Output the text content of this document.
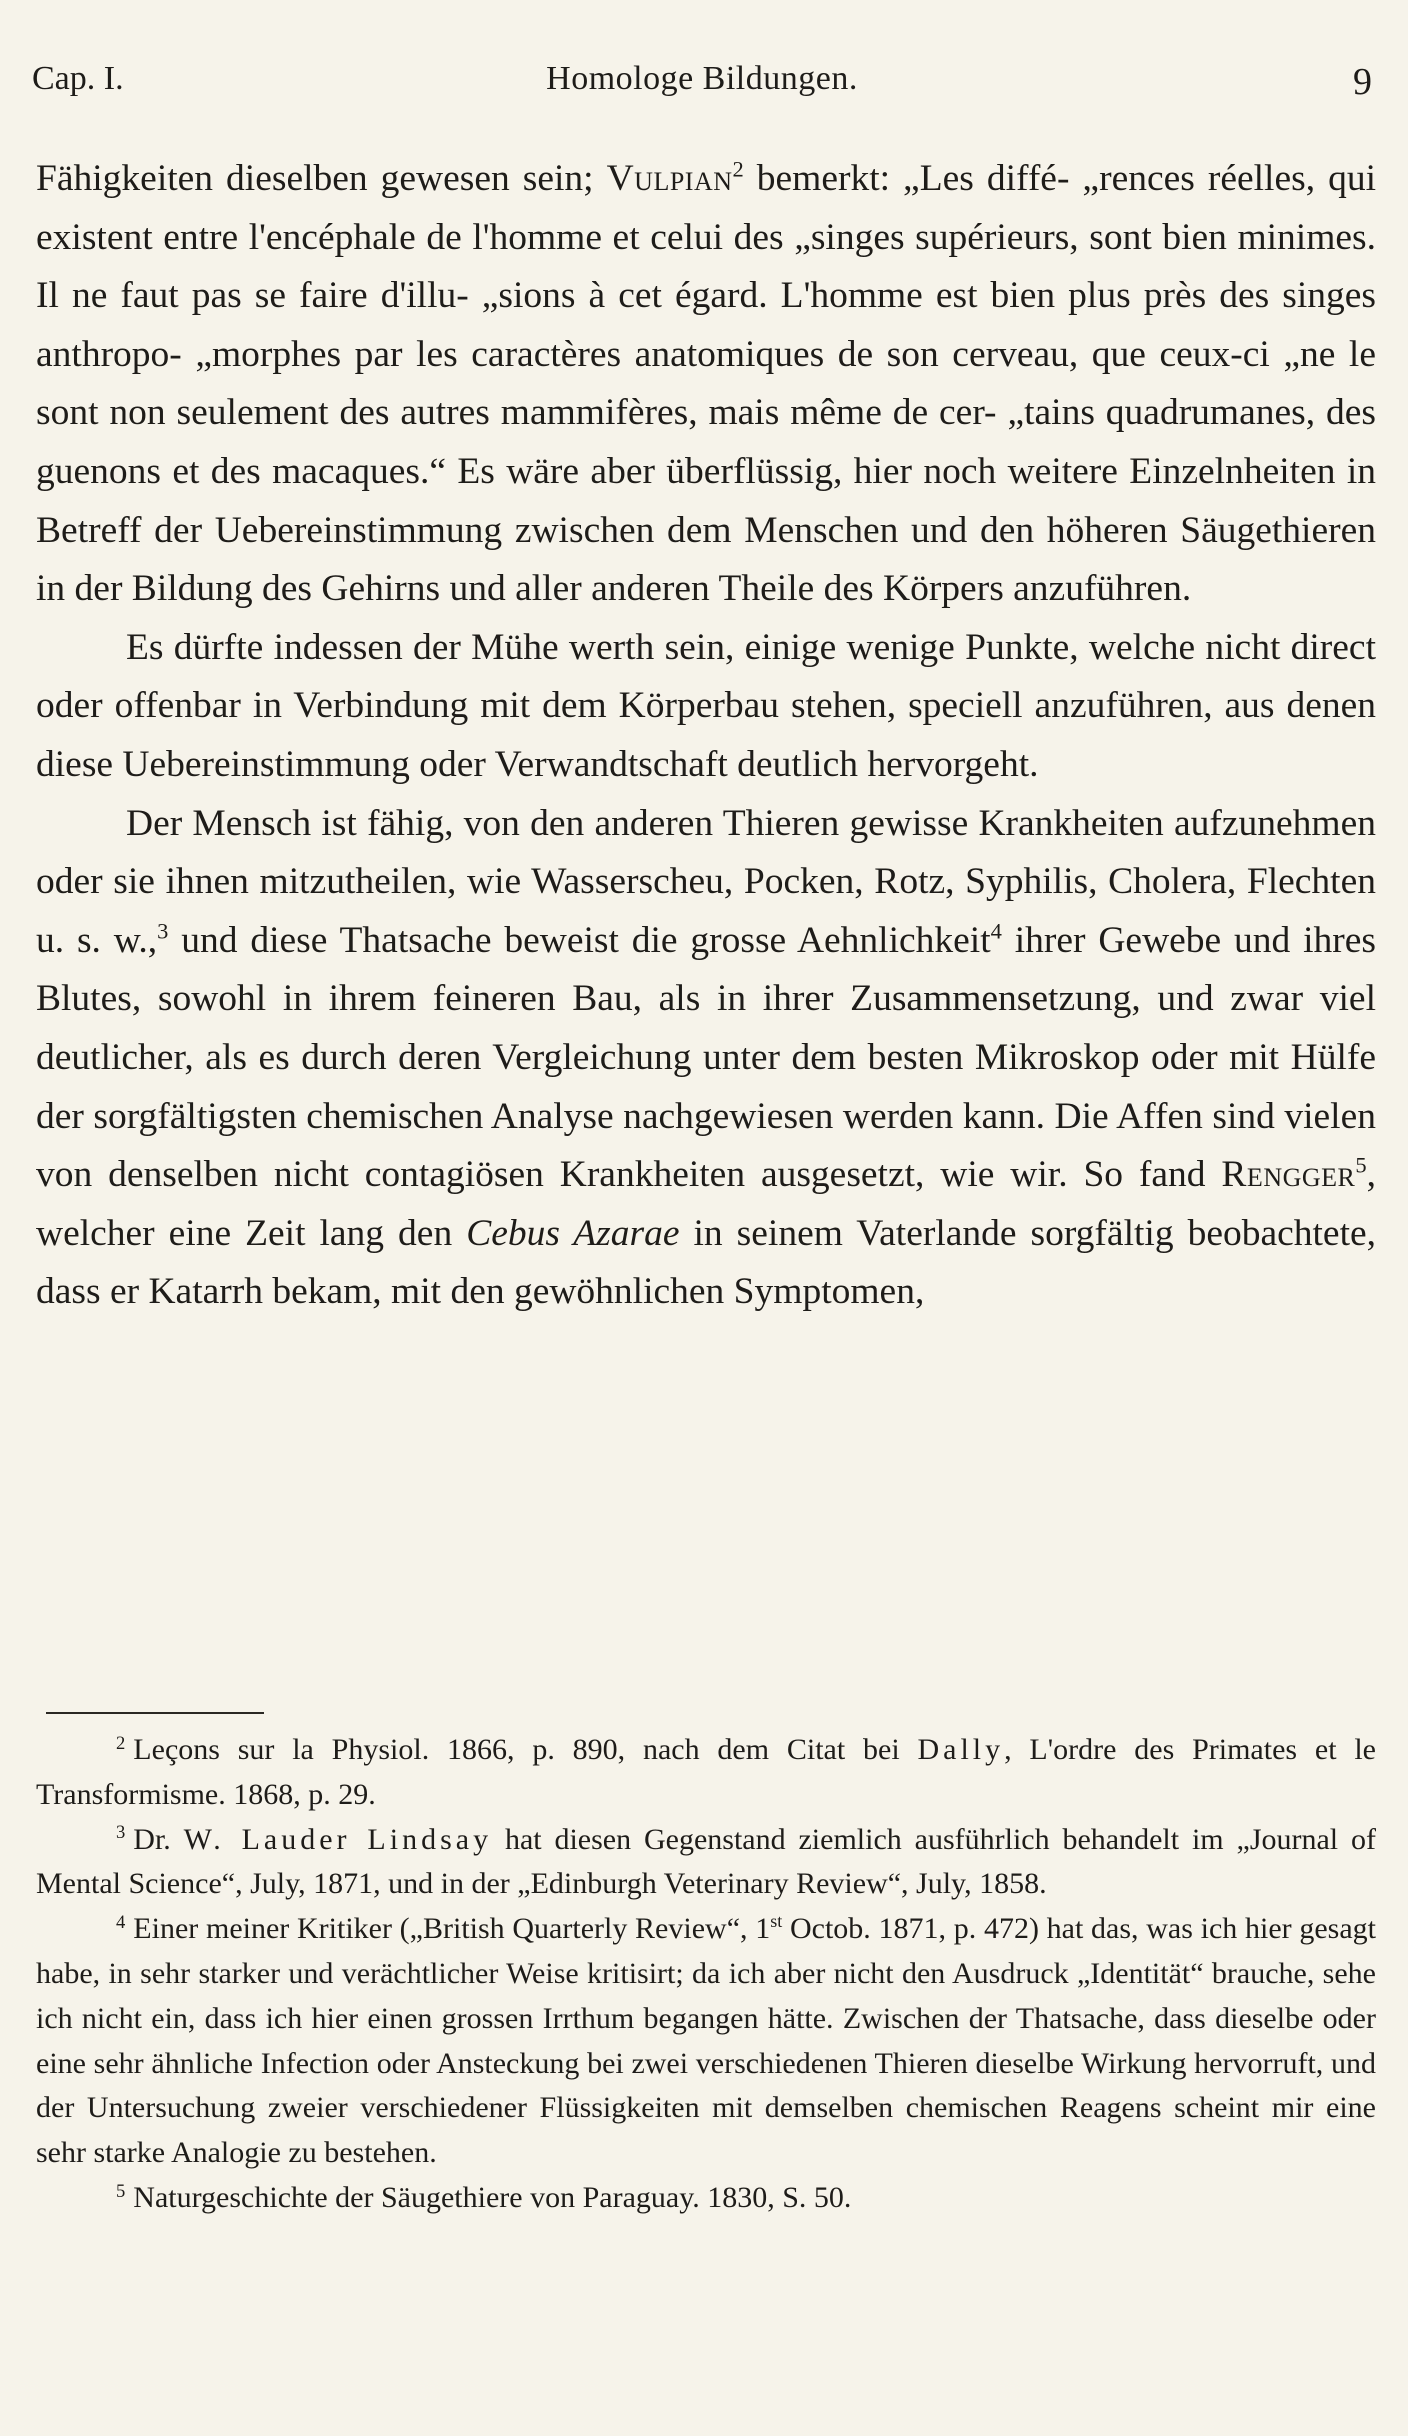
Cap. I.	Homologe Bildungen.	9

Fähigkeiten dieselben gewesen sein; Vulpian$^2$ bemerkt: „Les diffé- „rences réelles, qui existent entre l'encéphale de l'homme et celui des „singes supérieurs, sont bien minimes. Il ne faut pas se faire d'illu- „sions à cet égard. L'homme est bien plus près des singes anthropo- „morphes par les caractères anatomiques de son cerveau, que ceux-ci „ne le sont non seulement des autres mammifères, mais même de cer- „tains quadrumanes, des guenons et des macaques.“ Es wäre aber überflüssig, hier noch weitere Einzelnheiten in Betreff der Uebereinstimmung zwischen dem Menschen und den höheren Säugethieren in der Bildung des Gehirns und aller anderen Theile des Körpers anzuführen.

Es dürfte indessen der Mühe werth sein, einige wenige Punkte, welche nicht direct oder offenbar in Verbindung mit dem Körperbau stehen, speciell anzuführen, aus denen diese Uebereinstimmung oder Verwandtschaft deutlich hervorgeht.

Der Mensch ist fähig, von den anderen Thieren gewisse Krankheiten aufzunehmen oder sie ihnen mitzutheilen, wie Wasserscheu, Pocken, Rotz, Syphilis, Cholera, Flechten u. s. w.,$^3$ und diese Thatsache beweist die grosse Aehnlichkeit$^4$ ihrer Gewebe und ihres Blutes, sowohl in ihrem feineren Bau, als in ihrer Zusammensetzung, und zwar viel deutlicher, als es durch deren Vergleichung unter dem besten Mikroskop oder mit Hülfe der sorgfältigsten chemischen Analyse nachgewiesen werden kann. Die Affen sind vielen von denselben nicht contagiösen Krankheiten ausgesetzt, wie wir. So fand Rengger$^5$, welcher eine Zeit lang den Cebus Azarae in seinem Vaterlande sorgfältig beobachtete, dass er Katarrh bekam, mit den gewöhnlichen Symptomen,

$^2$ Leçons sur la Physiol. 1866, p. 890, nach dem Citat bei Dally, L'ordre des Primates et le Transformisme. 1868, p. 29.

$^3$ Dr. W. Lauder Lindsay hat diesen Gegenstand ziemlich ausführlich behandelt im „Journal of Mental Science“, July, 1871, und in der „Edinburgh Veterinary Review“, July, 1858.

$^4$ Einer meiner Kritiker („British Quarterly Review“, 1st Octob. 1871, p. 472) hat das, was ich hier gesagt habe, in sehr starker und verächtlicher Weise kritisirt; da ich aber nicht den Ausdruck „Identität“ brauche, sehe ich nicht ein, dass ich hier einen grossen Irrthum begangen hätte. Zwischen der Thatsache, dass dieselbe oder eine sehr ähnliche Infection oder Ansteckung bei zwei verschiedenen Thieren dieselbe Wirkung hervorruft, und der Untersuchung zweier verschiedener Flüssigkeiten mit demselben chemischen Reagens scheint mir eine sehr starke Analogie zu bestehen.

$^5$ Naturgeschichte der Säugethiere von Paraguay. 1830, S. 50.
